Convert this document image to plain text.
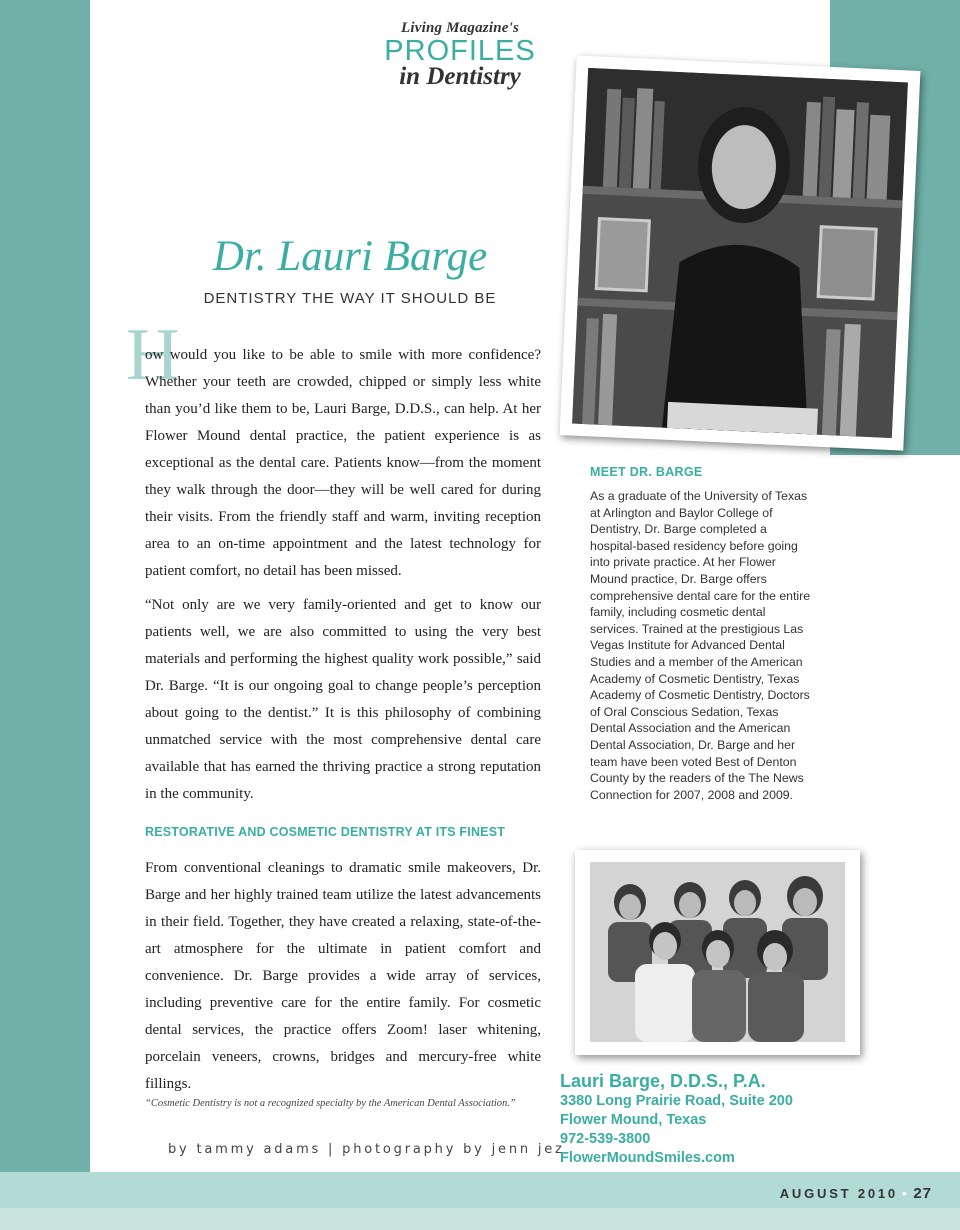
Living Magazine's
PROFILES
in Dentistry
Dr. Lauri Barge
DENTISTRY THE WAY IT SHOULD BE
H

ow would you like to be able to smile with more confidence? Whether your teeth are crowded, chipped or simply less white than you’d like them to be, Lauri Barge, D.D.S., can help. At her Flower Mound dental practice, the patient experience is as exceptional as the dental care. Patients know—from the moment they walk through the door—they will be well cared for during their visits. From the friendly staff and warm, inviting reception area to an on-time appointment and the latest technology for patient comfort, no detail has been missed.

“Not only are we very family-oriented and get to know our patients well, we are also committed to using the very best materials and performing the highest quality work possible,” said Dr. Barge. “It is our ongoing goal to change people’s perception about going to the dentist.” It is this philosophy of combining unmatched service with the most comprehensive dental care available that has earned the thriving practice a strong reputation in the community.

RESTORATIVE AND COSMETIC DENTISTRY AT ITS FINEST

From conventional cleanings to dramatic smile makeovers, Dr. Barge and her highly trained team utilize the latest advancements in their field. Together, they have created a relaxing, state-of-the-art atmosphere for the ultimate in patient comfort and convenience. Dr. Barge provides a wide array of services, including preventive care for the entire family. For cosmetic dental services, the practice offers Zoom! laser whitening, porcelain veneers, crowns, bridges and mercury-free white fillings.

“Cosmetic Dentistry is not a recognized specialty by the American Dental Association.”
by tammy adams | photography by jenn jez
MEET DR. BARGE

As a graduate of the University of Texas at Arlington and Baylor College of Dentistry, Dr. Barge completed a hospital-based residency before going into private practice. At her Flower Mound practice, Dr. Barge offers comprehensive dental care for the entire family, including cosmetic dental services. Trained at the prestigious Las Vegas Institute for Advanced Dental Studies and a member of the American Academy of Cosmetic Dentistry, Texas Academy of Cosmetic Dentistry, Doctors of Oral Conscious Sedation, Texas Dental Association and the American Dental Association, Dr. Barge and her team have been voted Best of Denton County by the readers of the The News Connection for 2007, 2008 and 2009.

Lauri Barge, D.D.S., P.A.
3380 Long Prairie Road, Suite 200
Flower Mound, Texas
972-539-3800
FlowerMoundSmiles.com
AUGUST 2010 • 27
